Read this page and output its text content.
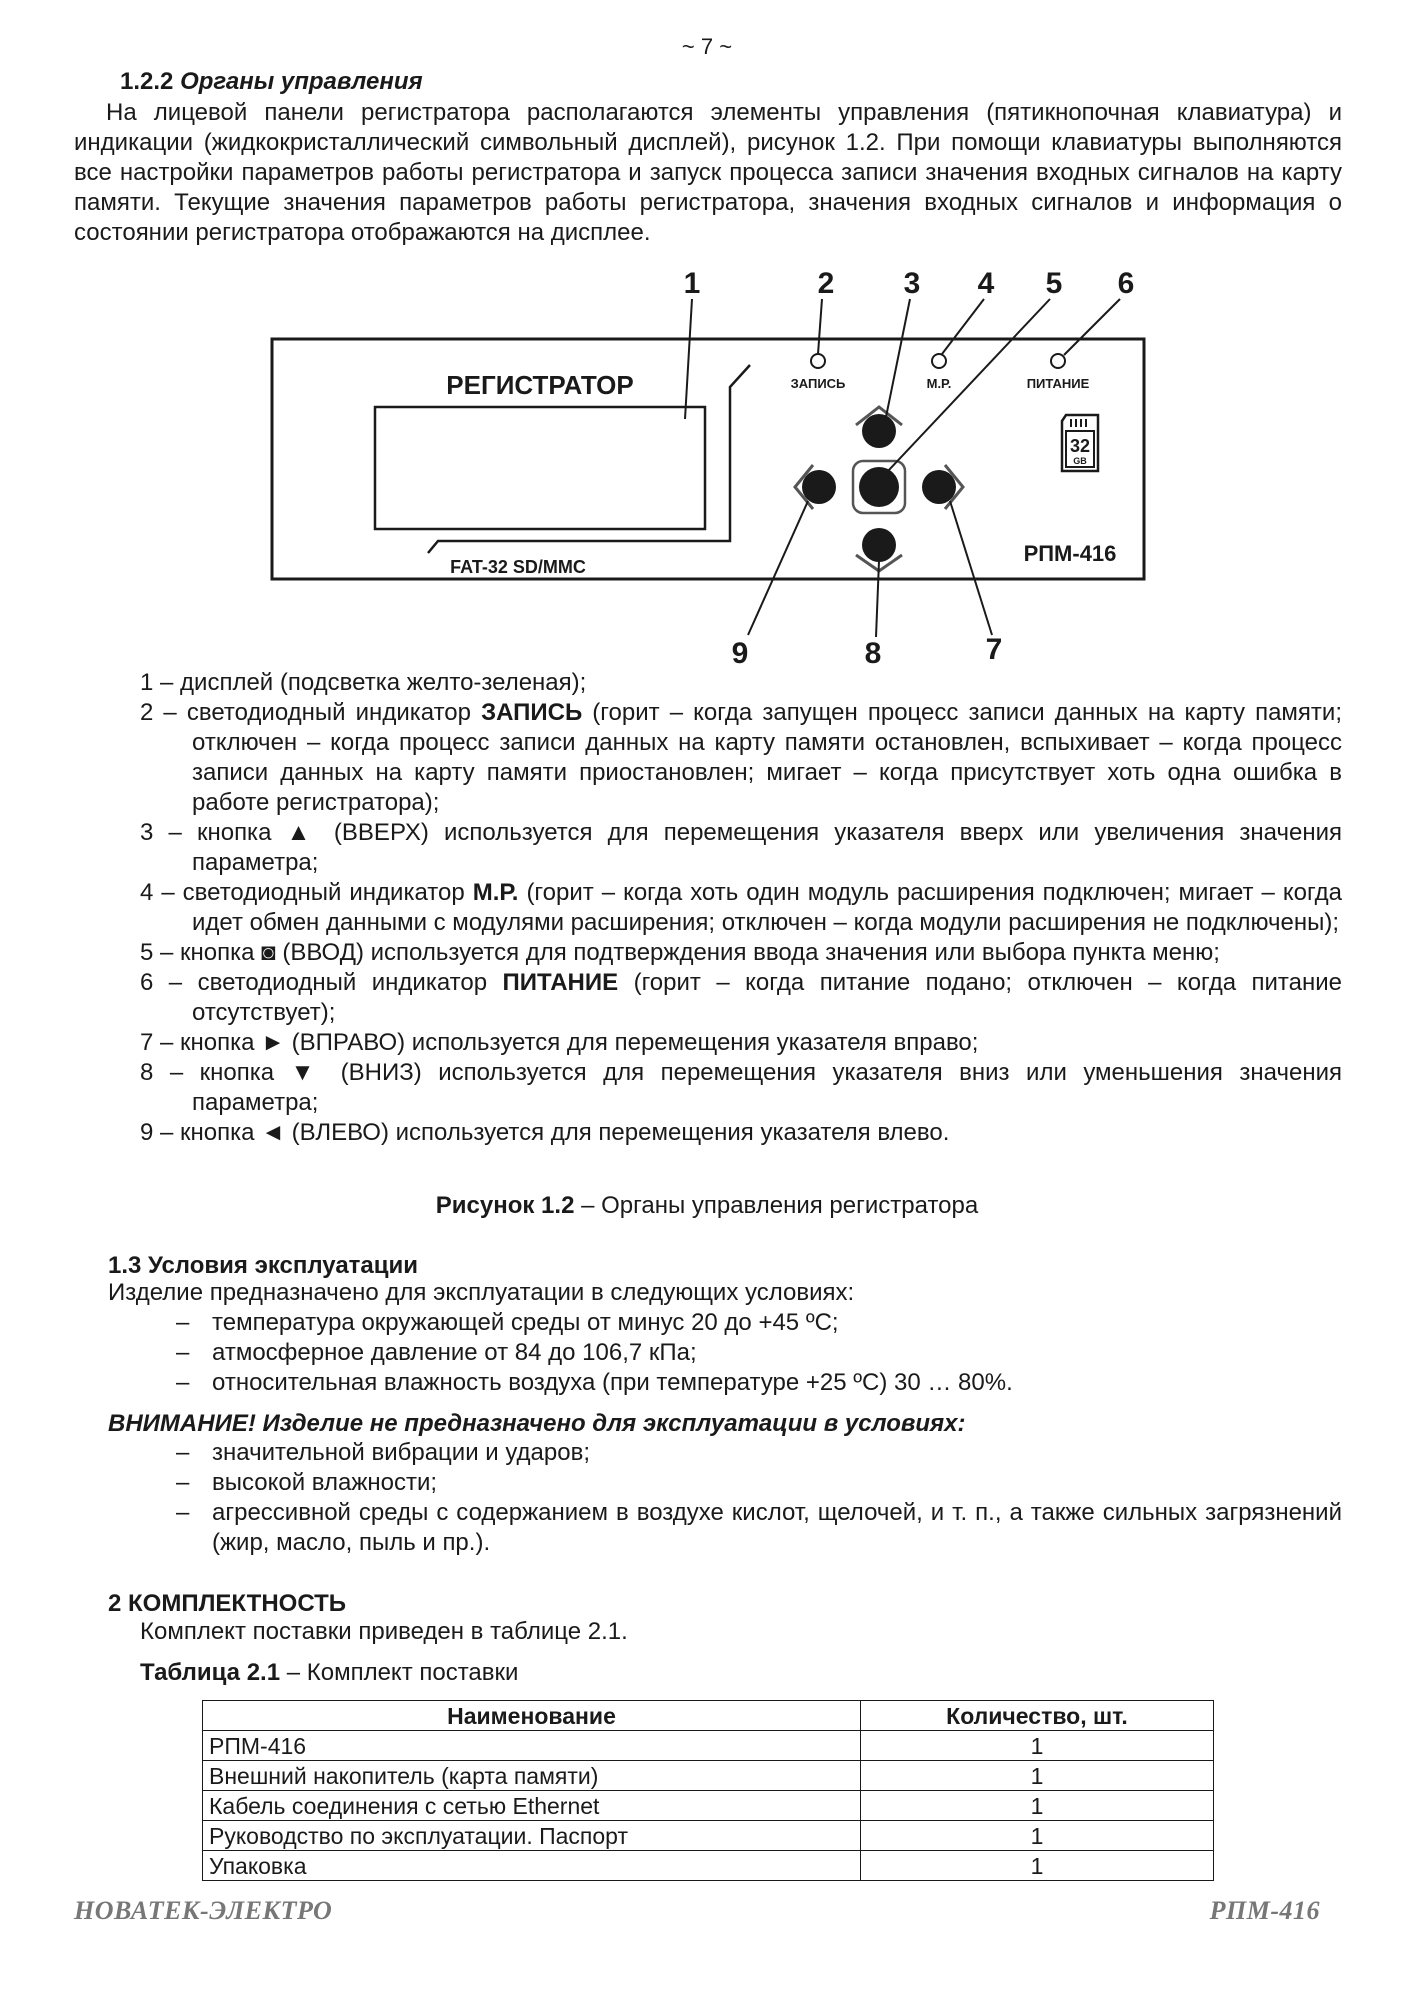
~ 7 ~
1.2.2 Органы управления
На лицевой панели регистратора располагаются элементы управления (пятикнопочная клавиатура) и индикации (жидкокристаллический символьный дисплей), рисунок 1.2. При помощи клавиатуры выполняются все настройки параметров работы регистратора и запуск процесса записи значения входных сигналов на карту памяти. Текущие значения параметров работы регистратора, значения входных сигналов и информация о состоянии регистратора отображаются на дисплее.
1	2 3 4 5 6
7
8
9
РЕГИСТРАТОР
FAT-32 SD/MMC
ЗАПИСЬ	М.Р.	ПИТАНИЕ
32
GB
РПМ-416
1 – дисплей (подсветка желто-зеленая);
2 – светодиодный индикатор ЗАПИСЬ (горит – когда запущен процесс записи данных на карту памяти; отключен – когда процесс записи данных на карту памяти остановлен, вспыхивает – когда процесс записи данных на карту памяти приостановлен; мигает – когда присутствует хоть одна ошибка в работе регистратора);
3 – кнопка ▲ (ВВЕРХ) используется для перемещения указателя вверх или увеличения значения параметра;
4 – светодиодный индикатор М.Р. (горит – когда хоть один модуль расширения подключен; мигает – когда идет обмен данными с модулями расширения; отключен – когда модули расширения не подключены);
5 – кнопка ◙ (ВВОД) используется для подтверждения ввода значения или выбора пункта меню;
6 – светодиодный индикатор ПИТАНИЕ (горит – когда питание подано; отключен – когда питание отсутствует);
7 – кнопка ► (ВПРАВО) используется для перемещения указателя вправо;
8 – кнопка ▼ (ВНИЗ) используется для перемещения указателя вниз или уменьшения значения параметра;
9 – кнопка ◄ (ВЛЕВО) используется для перемещения указателя влево.
Рисунок 1.2 – Органы управления регистратора
1.3 Условия эксплуатации
Изделие предназначено для эксплуатации в следующих условиях:
– температура окружающей среды от минус 20 до +45 ºС;
– атмосферное давление от 84 до 106,7 кПа;
– относительная влажность воздуха (при температуре +25 ºС) 30 … 80%.
ВНИМАНИЕ! Изделие не предназначено для эксплуатации в условиях:
– значительной вибрации и ударов;
– высокой влажности;
– агрессивной среды с содержанием в воздухе кислот, щелочей, и т. п., а также сильных загрязнений (жир, масло, пыль и пр.).
2 КОМПЛЕКТНОСТЬ
Комплект поставки приведен в таблице 2.1.
Таблица 2.1 – Комплект поставки
Наименование	Количество, шт.
РПМ-416	1
Внешний накопитель (карта памяти)	1
Кабель соединения с сетью Ethernet	1
Руководство по эксплуатации. Паспорт	1
Упаковка	1
НОВАТЕК-ЭЛЕКТРО	РПМ-416
